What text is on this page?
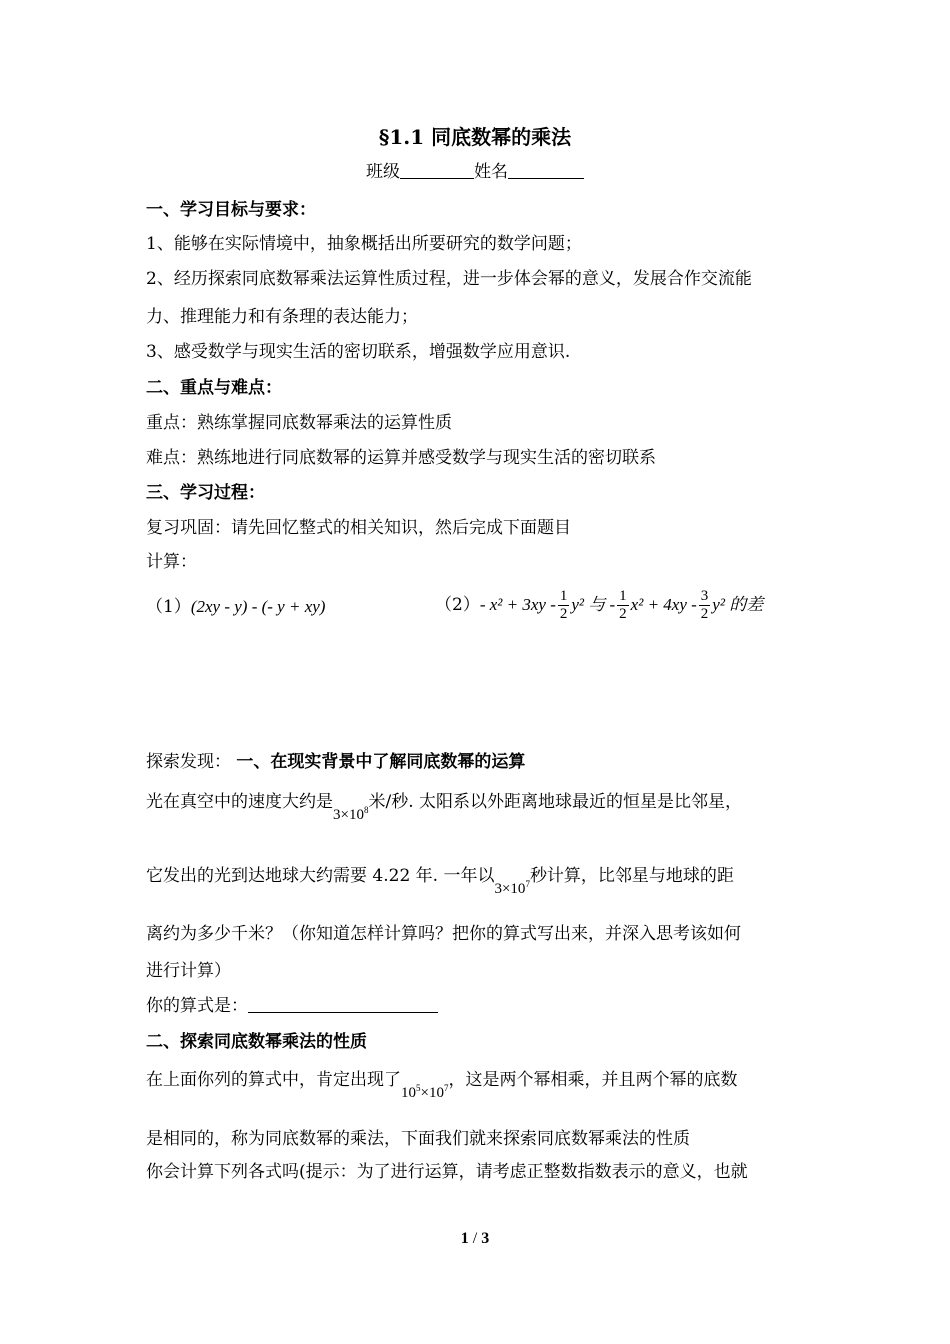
§1.1 同底数幂的乘法
班级	姓名
一、学习目标与要求：
1、能够在实际情境中，抽象概括出所要研究的数学问题；
2、经历探索同底数幂乘法运算性质过程，进一步体会幂的意义，发展合作交流能
力、推理能力和有条理的表达能力；
3、感受数学与现实生活的密切联系，增强数学应用意识.
二、重点与难点：
重点：熟练掌握同底数幂乘法的运算性质
难点：熟练地进行同底数幂的运算并感受数学与现实生活的密切联系
三、学习过程：
复习巩固：请先回忆整式的相关知识，然后完成下面题目
计算：
（1）(2xy - y) - (- y + xy)	（2）- $x^2 + 3xy - \frac{1}{2} y^2$ 与 - $\frac{1}{2} x^2 + 4xy - \frac{3}{2} y^2$ 的差
探索发现： 一、在现实背景中了解同底数幂的运算
光在真空中的速度大约是$3\times 10^8$米/秒. 太阳系以外距离地球最近的恒星是比邻星，
它发出的光到达地球大约需要 4.22 年. 一年以$3\times 10^7$秒计算，比邻星与地球的距
离约为多少千米？（你知道怎样计算吗？把你的算式写出来，并深入思考该如何
进行计算）
你的算式是：
二、探索同底数幂乘法的性质
在上面你列的算式中，肯定出现了$10^5\times 10^7$，这是两个幂相乘，并且两个幂的底数
是相同的，称为同底数幂的乘法，下面我们就来探索同底数幂乘法的性质
你会计算下列各式吗(提示：为了进行运算，请考虑正整数指数表示的意义，也就
1 / 3
